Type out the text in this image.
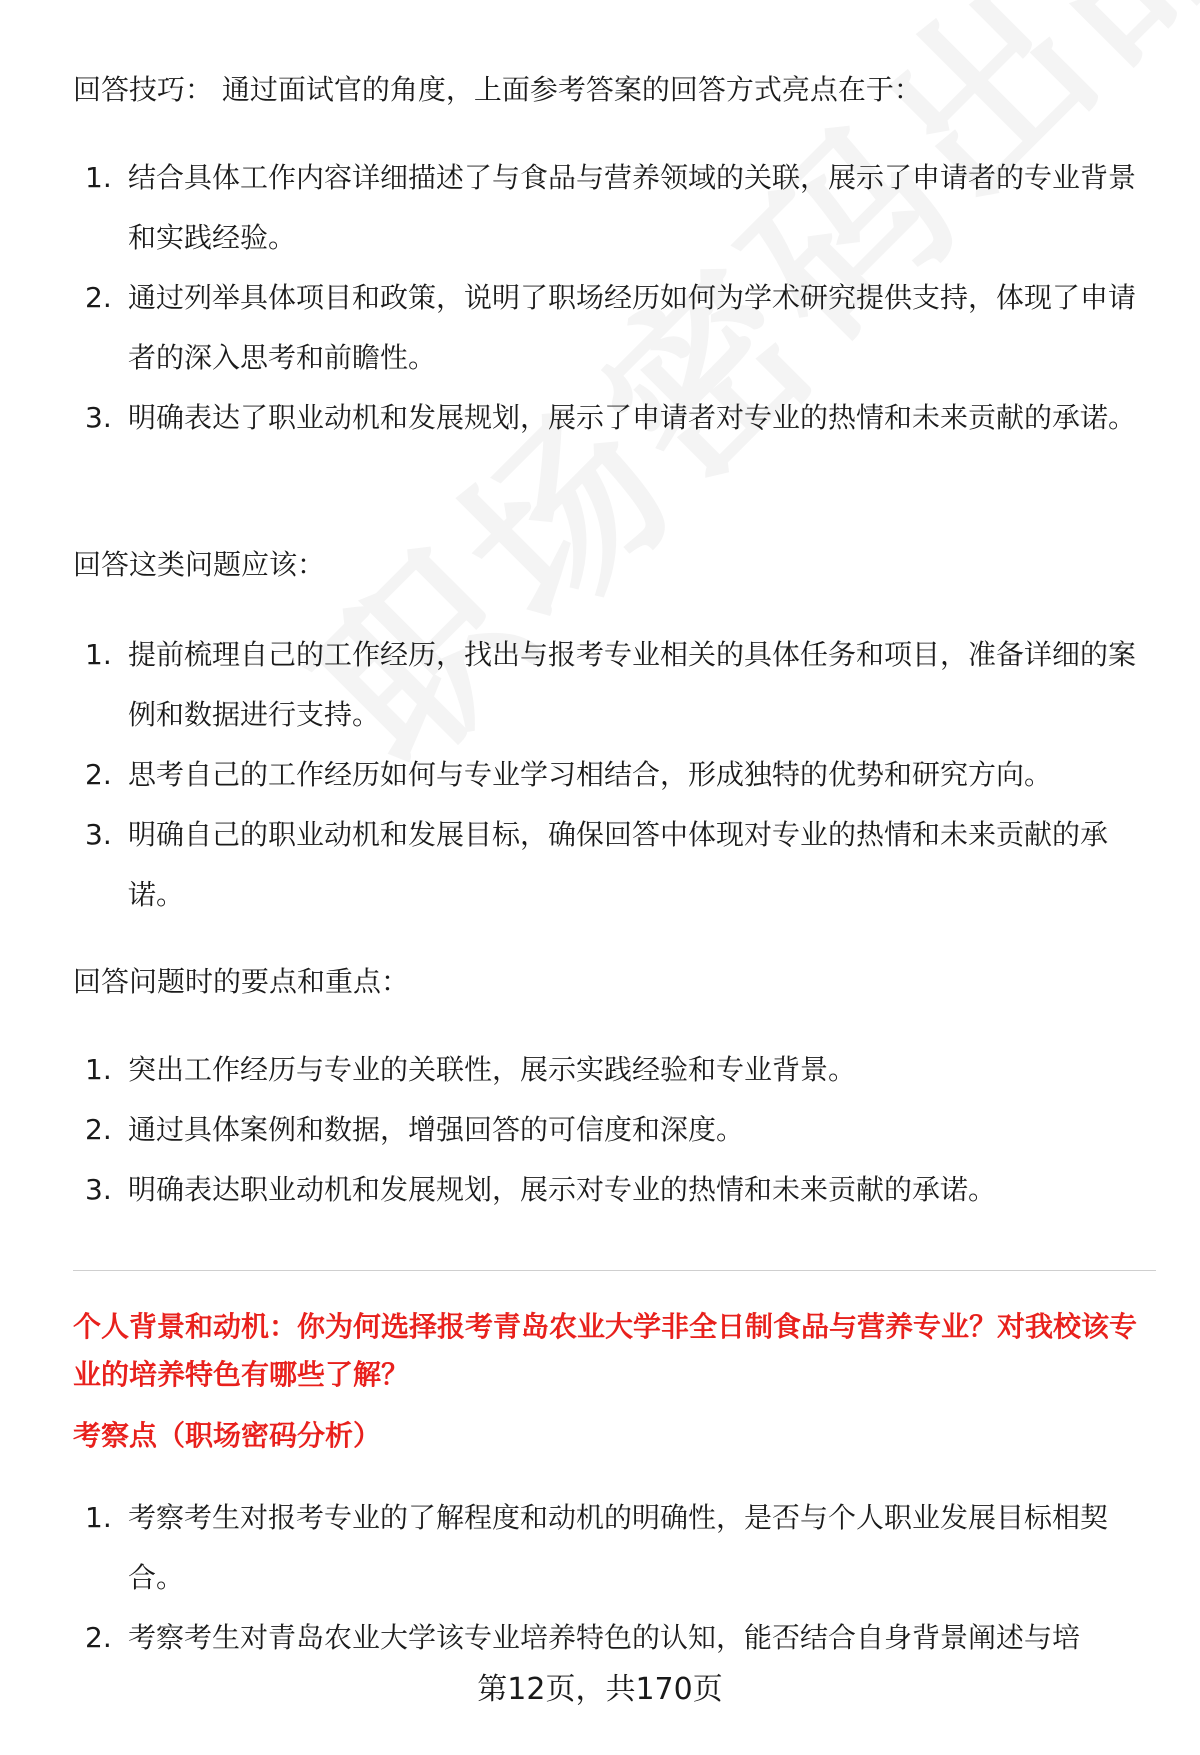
回答技巧： 通过面试官的角度，上面参考答案的回答方式亮点在于：
1. 结合具体工作内容详细描述了与食品与营养领域的关联，展示了申请者的专业背景和实践经验。
2. 通过列举具体项目和政策，说明了职场经历如何为学术研究提供支持，体现了申请者的深入思考和前瞻性。
3. 明确表达了职业动机和发展规划，展示了申请者对专业的热情和未来贡献的承诺。
回答这类问题应该：
1. 提前梳理自己的工作经历，找出与报考专业相关的具体任务和项目，准备详细的案例和数据进行支持。
2. 思考自己的工作经历如何与专业学习相结合，形成独特的优势和研究方向。
3. 明确自己的职业动机和发展目标，确保回答中体现对专业的热情和未来贡献的承诺。
回答问题时的要点和重点：
1. 突出工作经历与专业的关联性，展示实践经验和专业背景。
2. 通过具体案例和数据，增强回答的可信度和深度。
3. 明确表达职业动机和发展规划，展示对专业的热情和未来贡献的承诺。
个人背景和动机：你为何选择报考青岛农业大学非全日制食品与营养专业？对我校该专业的培养特色有哪些了解？
考察点（职场密码分析）
1. 考察考生对报考专业的了解程度和动机的明确性，是否与个人职业发展目标相契合。
2. 考察考生对青岛农业大学该专业培养特色的认知，能否结合自身背景阐述与培
第12页，共170页
